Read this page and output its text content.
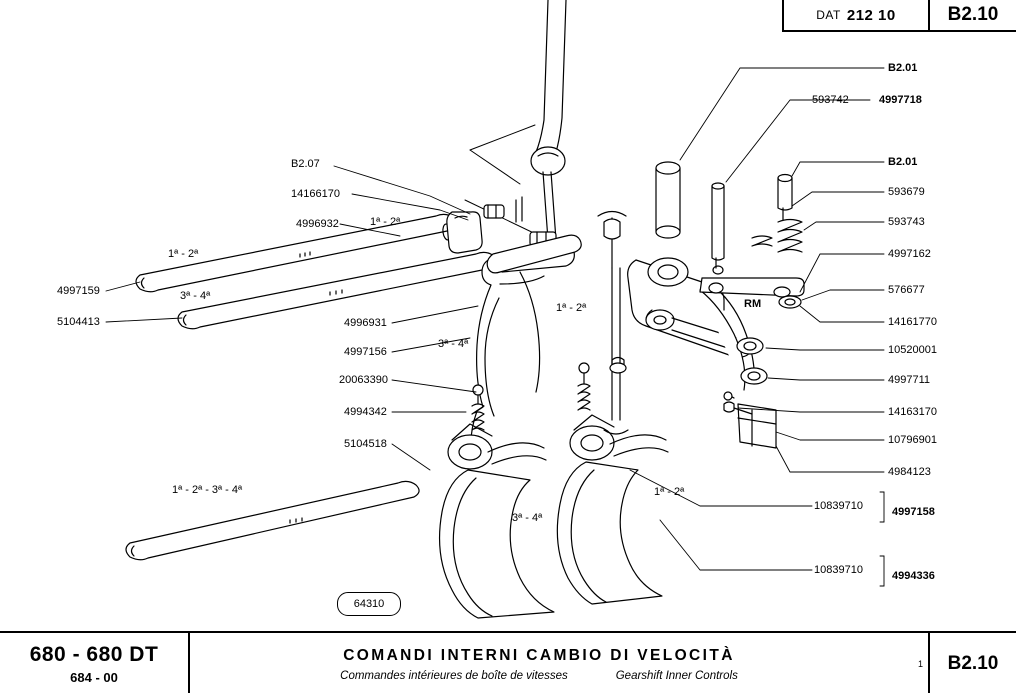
DAT 212 10	B2.10
B2.07
14166170
4996932
4997159
5104413	4996931
4997156
20063390
4994342
5104518
B2.01
593742	4997718
B2.01
593679
593743
4997162
576677
14161770
10520001
4997711
14163170
10796901
4984123
10839710	4997158
10839710	4994336
1ª - 2ª
1ª - 2ª
3ª - 4ª
1ª - 2ª
3ª - 4ª
1ª - 2ª - 3ª - 4ª
3ª - 4ª
1ª - 2ª
RM
64310
680 - 680 DT
684 - 00
COMANDI INTERNI CAMBIO DI VELOCITÀ
Commandes intérieures de boîte de vitesses	Gearshift Inner Controls
1	B2.10
